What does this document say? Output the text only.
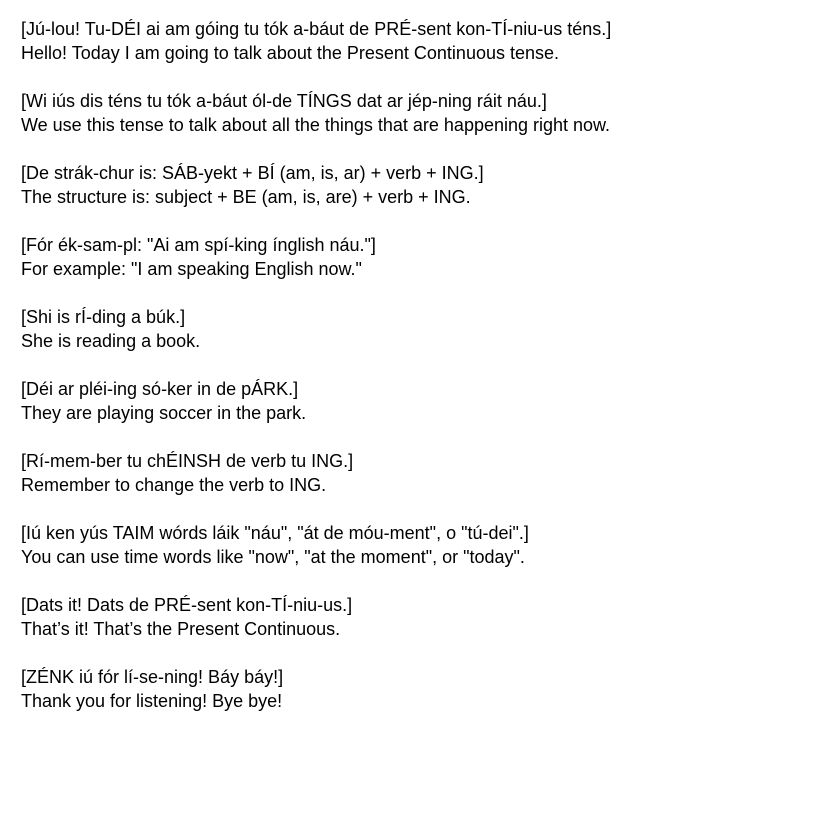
[Jú-lou! Tu-DÉI ai am góing tu tók a-báut de PRÉ-sent kon-TÍ-niu-us téns.]
Hello! Today I am going to talk about the Present Continuous tense.
[Wi iús dis téns tu tók a-báut ól-de TÍNGS dat ar jép-ning ráit náu.]
We use this tense to talk about all the things that are happening right now.
[De strák-chur is: SÁB-yekt + BÍ (am, is, ar) + verb + ING.]
The structure is: subject + BE (am, is, are) + verb + ING.
[Fór ék-sam-pl: "Ai am spí-king ínglish náu."]
For example: "I am speaking English now."
[Shi is rÍ-ding a búk.]
She is reading a book.
[Déi ar pléi-ing só-ker in de pÁRK.]
They are playing soccer in the park.
[Rí-mem-ber tu chÉINSH de verb tu ING.]
Remember to change the verb to ING.
[Iú ken yús TAIM wórds láik "náu", "át de móu-ment", o "tú-dei".]
You can use time words like "now", "at the moment", or "today".
[Dats it! Dats de PRÉ-sent kon-TÍ-niu-us.]
That’s it! That’s the Present Continuous.
[ZÉNK iú fór lí-se-ning! Báy báy!]
Thank you for listening! Bye bye!
